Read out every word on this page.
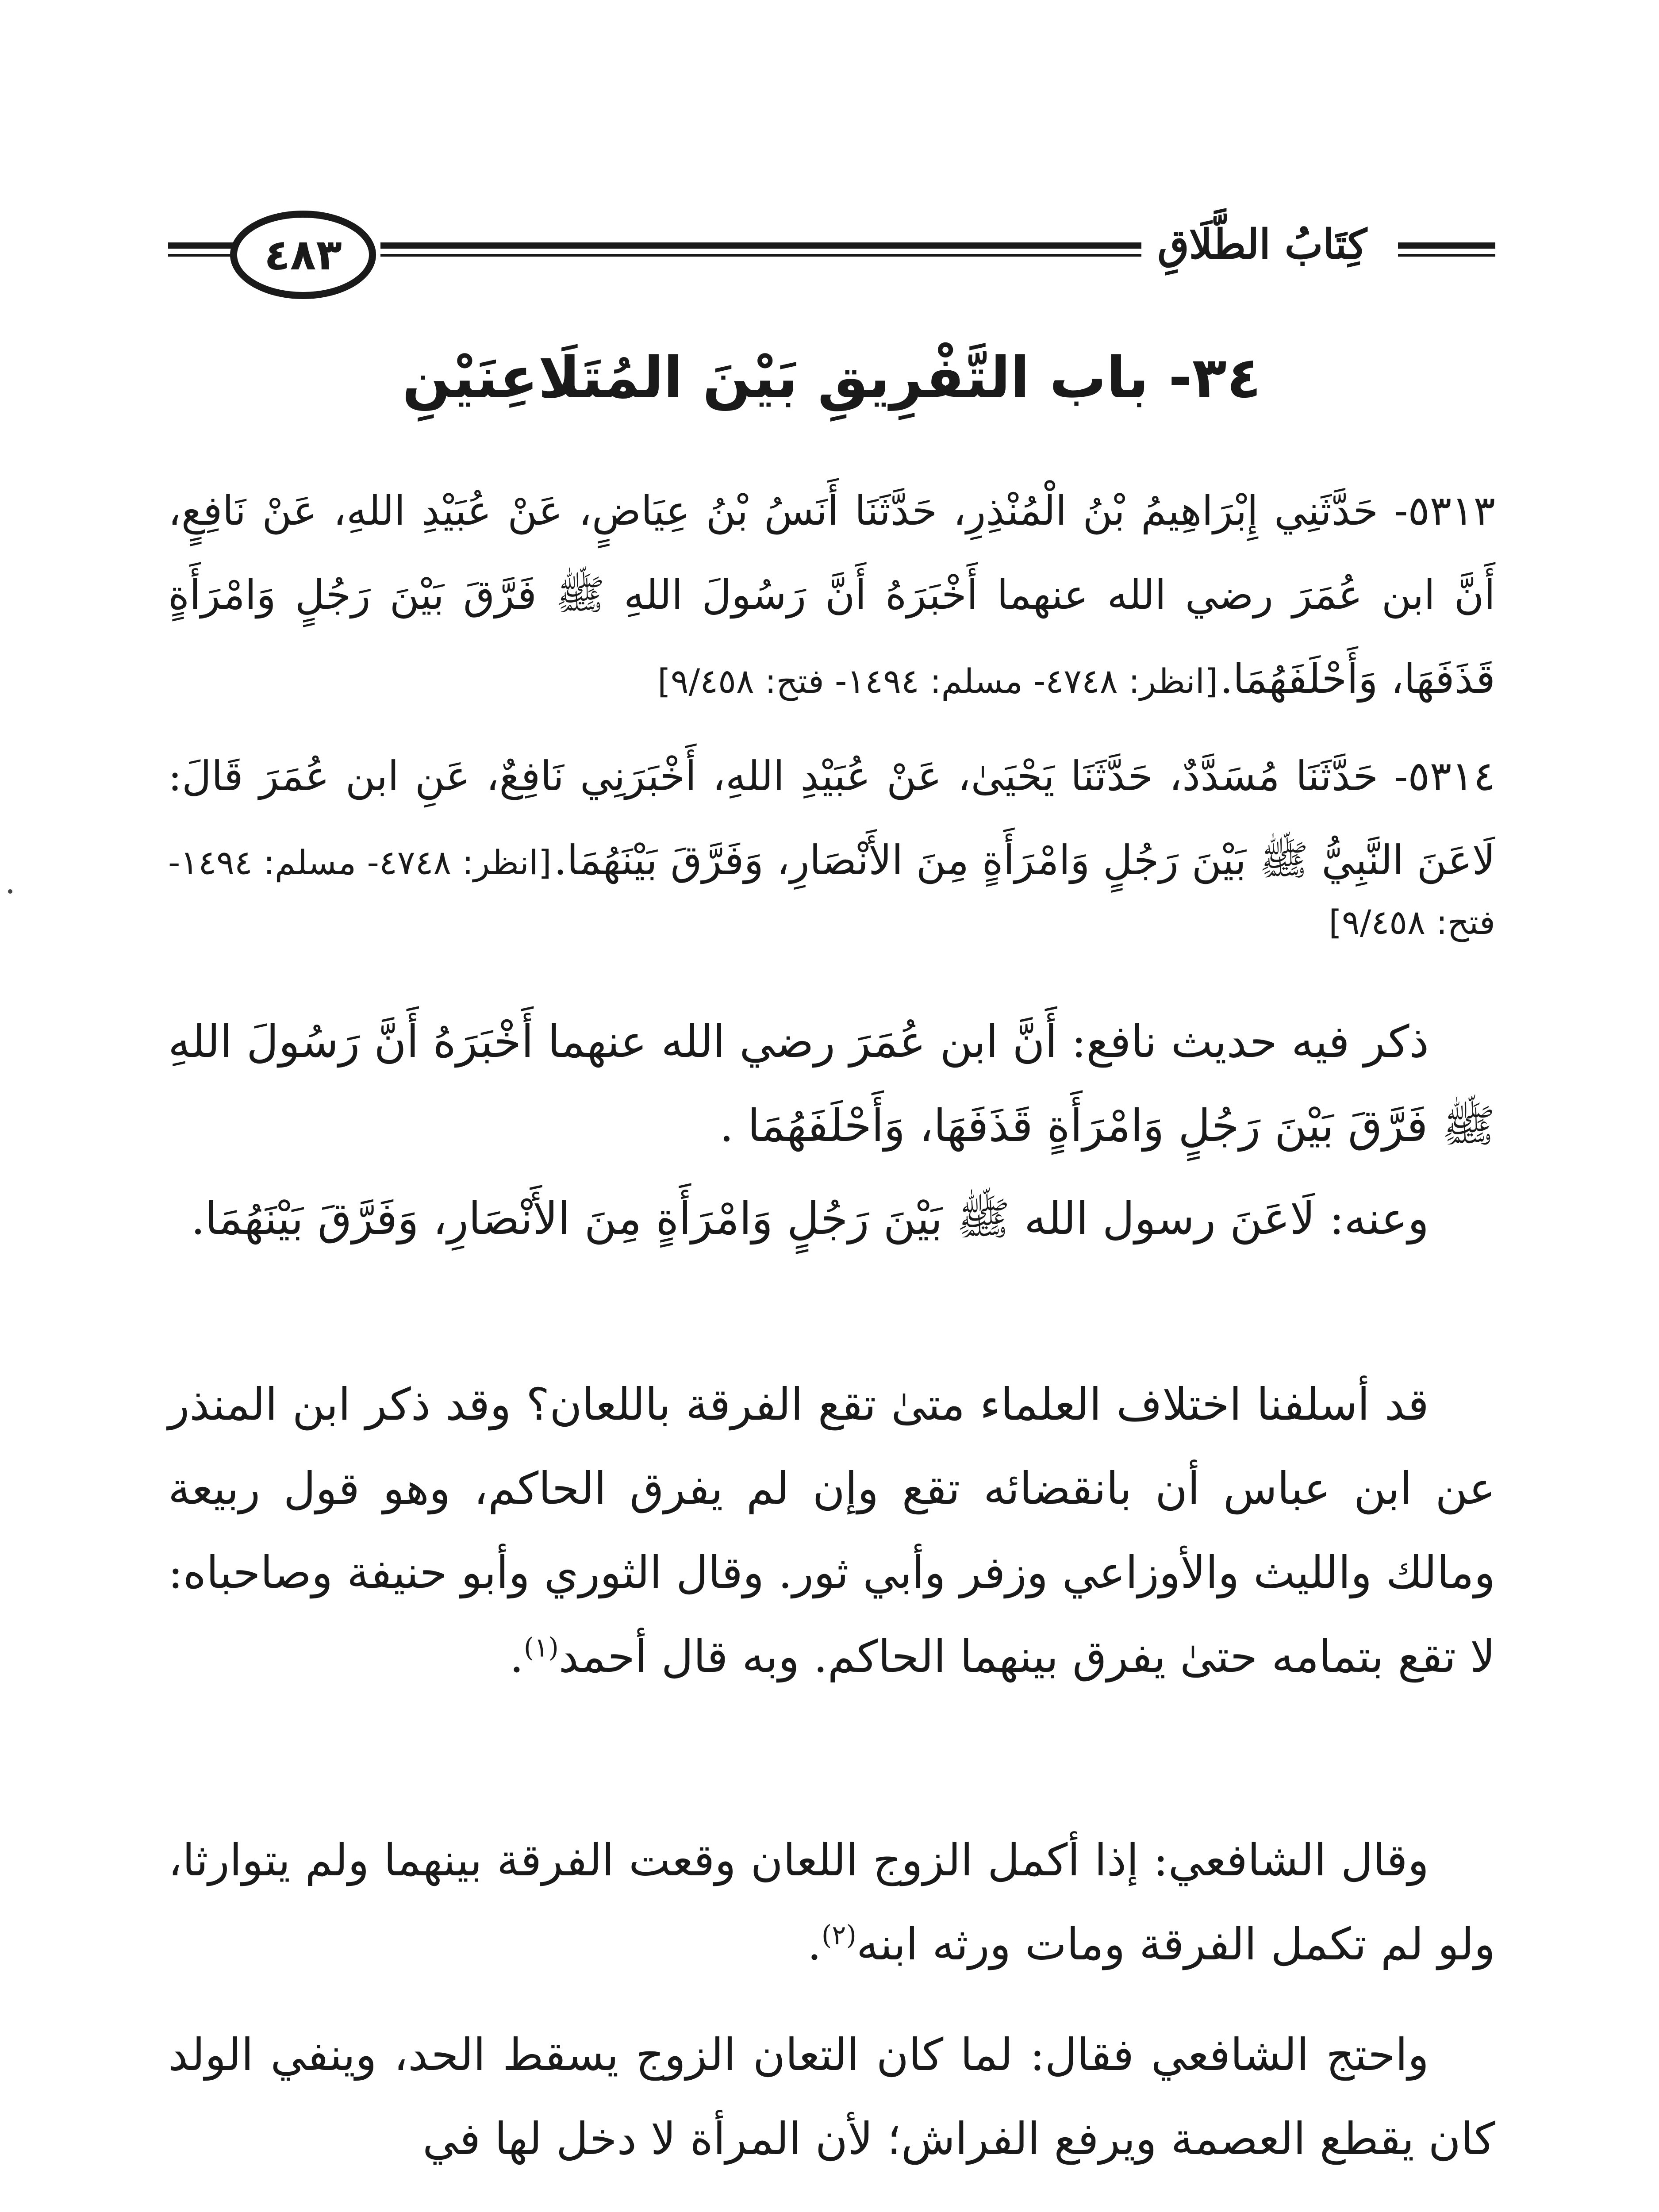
كِتَابُ الطَّلَاقِ
٤٨٣
٣٤- باب التَّفْرِيقِ بَيْنَ المُتَلَاعِنَيْنِ
٥٣١٣- حَدَّثَنِي إِبْرَاهِيمُ بْنُ الْمُنْذِرِ، حَدَّثَنَا أَنَسُ بْنُ عِيَاضٍ، عَنْ عُبَيْدِ اللهِ، عَنْ نَافِعٍ، أَنَّ ابن عُمَرَ رضي الله عنهما أَخْبَرَهُ أَنَّ رَسُولَ اللهِ ﷺ فَرَّقَ بَيْنَ رَجُلٍ وَامْرَأَةٍ قَذَفَهَا، وَأَحْلَفَهُمَا. [انظر: ٤٧٤٨- مسلم: ١٤٩٤- فتح: ٩/٤٥٨]
٥٣١٤- حَدَّثَنَا مُسَدَّدٌ، حَدَّثَنَا يَحْيَىٰ، عَنْ عُبَيْدِ اللهِ، أَخْبَرَنِي نَافِعٌ، عَنِ ابن عُمَرَ قَالَ: لَاعَنَ النَّبِيُّ ﷺ بَيْنَ رَجُلٍ وَامْرَأَةٍ مِنَ الأَنْصَارِ، وَفَرَّقَ بَيْنَهُمَا. [انظر: ٤٧٤٨- مسلم: ١٤٩٤- فتح: ٩/٤٥٨]
ذكر فيه حديث نافع: أَنَّ ابن عُمَرَ رضي الله عنهما أَخْبَرَهُ أَنَّ رَسُولَ اللهِ ﷺ فَرَّقَ بَيْنَ رَجُلٍ وَامْرَأَةٍ قَذَفَهَا، وَأَحْلَفَهُمَا .
وعنه: لَاعَنَ رسول الله ﷺ بَيْنَ رَجُلٍ وَامْرَأَةٍ مِنَ الأَنْصَارِ، وَفَرَّقَ بَيْنَهُمَا.
قد أسلفنا اختلاف العلماء متىٰ تقع الفرقة باللعان؟ وقد ذكر ابن المنذر عن ابن عباس أن بانقضائه تقع وإن لم يفرق الحاكم، وهو قول ربيعة ومالك والليث والأوزاعي وزفر وأبي ثور. وقال الثوري وأبو حنيفة وصاحباه: لا تقع بتمامه حتىٰ يفرق بينهما الحاكم. وبه قال أحمد$^{(١)}$.
وقال الشافعي: إذا أكمل الزوج اللعان وقعت الفرقة بينهما ولم يتوارثا، ولو لم تكمل الفرقة ومات ورثه ابنه$^{(٢)}$.
واحتج الشافعي فقال: لما كان التعان الزوج يسقط الحد، وينفي الولد كان يقطع العصمة ويرفع الفراش؛ لأن المرأة لا دخل لها في
